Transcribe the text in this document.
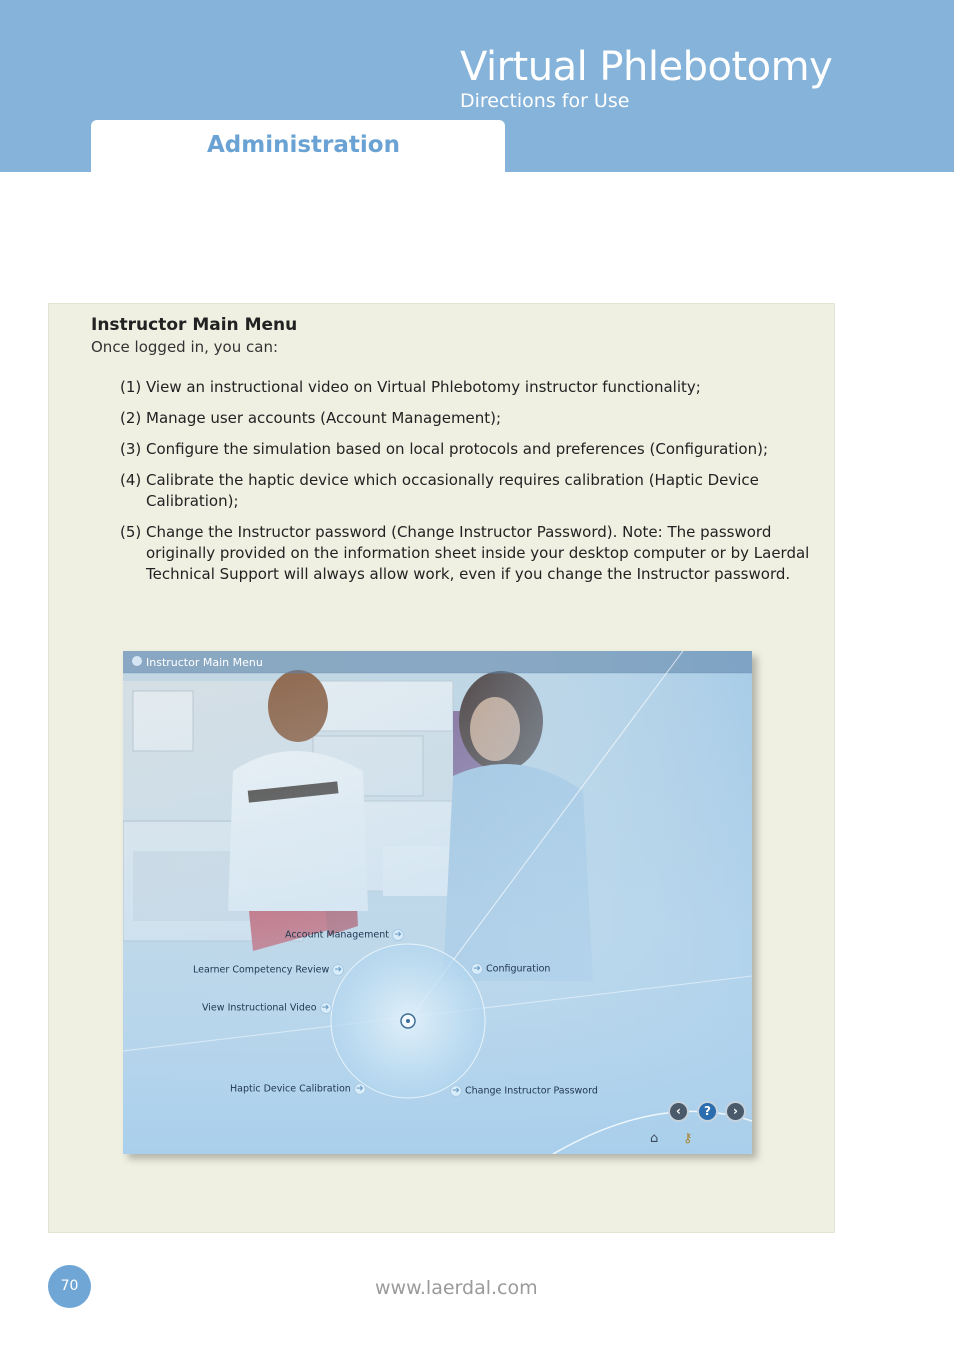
Virtual Phlebotomy
Directions for Use
Administration
Instructor Main Menu
Once logged in, you can:
(1) View an instructional video on Virtual Phlebotomy instructor functionality;
(2) Manage user accounts (Account Management);
(3) Configure the simulation based on local protocols and preferences (Configuration);
(4) Calibrate the haptic device which occasionally requires calibration (Haptic Device Calibration);
(5) Change the Instructor password (Change Instructor Password). Note: The password originally provided on the information sheet inside your desktop computer or by Laerdal Technical Support will always allow work, even if you change the Instructor password.
Instructor Main Menu
Account Management ➜
Learner Competency Review ➜
View Instructional Video ➜
Haptic Device Calibration ➜
➜ Configuration
➜ Change Instructor Password
‹	?	›
⌂ ⚷
70	www.laerdal.com
